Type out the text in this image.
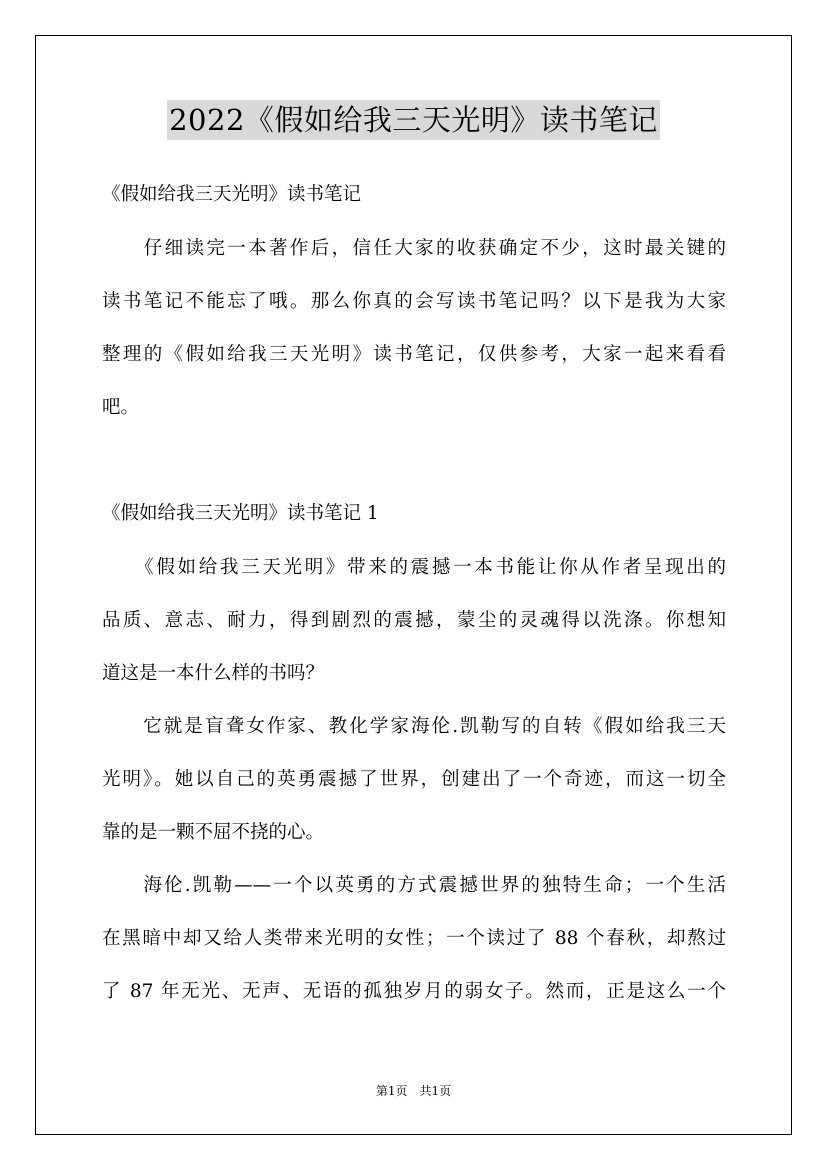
2022《假如给我三天光明》读书笔记
《假如给我三天光明》读书笔记
　　仔细读完一本著作后，信任大家的收获确定不少，这时最关键的
读书笔记不能忘了哦。那么你真的会写读书笔记吗？以下是我为大家
整理的《假如给我三天光明》读书笔记，仅供参考，大家一起来看看
吧。
《假如给我三天光明》读书笔记 1
　　《假如给我三天光明》带来的震撼一本书能让你从作者呈现出的
品质、意志、耐力，得到剧烈的震撼，蒙尘的灵魂得以洗涤。你想知
道这是一本什么样的书吗？
　　它就是盲聋女作家、教化学家海伦.凯勒写的自转《假如给我三天
光明》。她以自己的英勇震撼了世界，创建出了一个奇迹，而这一切全
靠的是一颗不屈不挠的心。
　　海伦.凯勒——一个以英勇的方式震撼世界的独特生命；一个生活
在黑暗中却又给人类带来光明的女性；一个读过了 88 个春秋，却熬过
了 87 年无光、无声、无语的孤独岁月的弱女子。然而，正是这么一个
第1页　共1页
